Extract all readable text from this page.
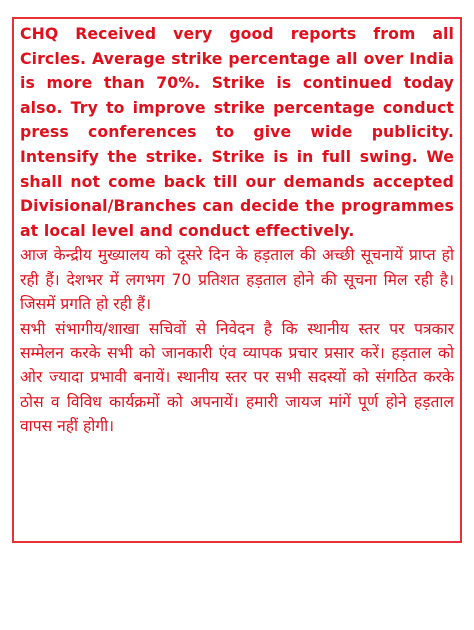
CHQ Received very good reports from all Circles. Average strike percentage all over India is more than 70%. Strike is continued today also. Try to improve strike percentage conduct press conferences to give wide publicity. Intensify the strike. Strike is in full swing. We shall not come back till our demands accepted Divisional/Branches can decide the programmes at local level and conduct effectively.

आज केन्द्रीय मुख्यालय को दूसरे दिन के हड़ताल की अच्छी सूचनायें प्राप्त हो रही हैं। देशभर में लगभग 70 प्रतिशत हड़ताल होने की सूचना मिल रही है। जिसमें प्रगति हो रही हैं।

सभी संभागीय/शाखा सचिवों से निवेदन है कि स्थानीय स्तर पर पत्रकार सम्मेलन करके सभी को जानकारी एंव व्यापक प्रचार प्रसार करें। हड़ताल को ओर ज्यादा प्रभावी बनायें। स्थानीय स्तर पर सभी सदस्यों को संगठित करके ठोस व विविध कार्यक्रमों को अपनायें। हमारी जायज मांगें पूर्ण होने हड़ताल वापस नहीं होगी।
